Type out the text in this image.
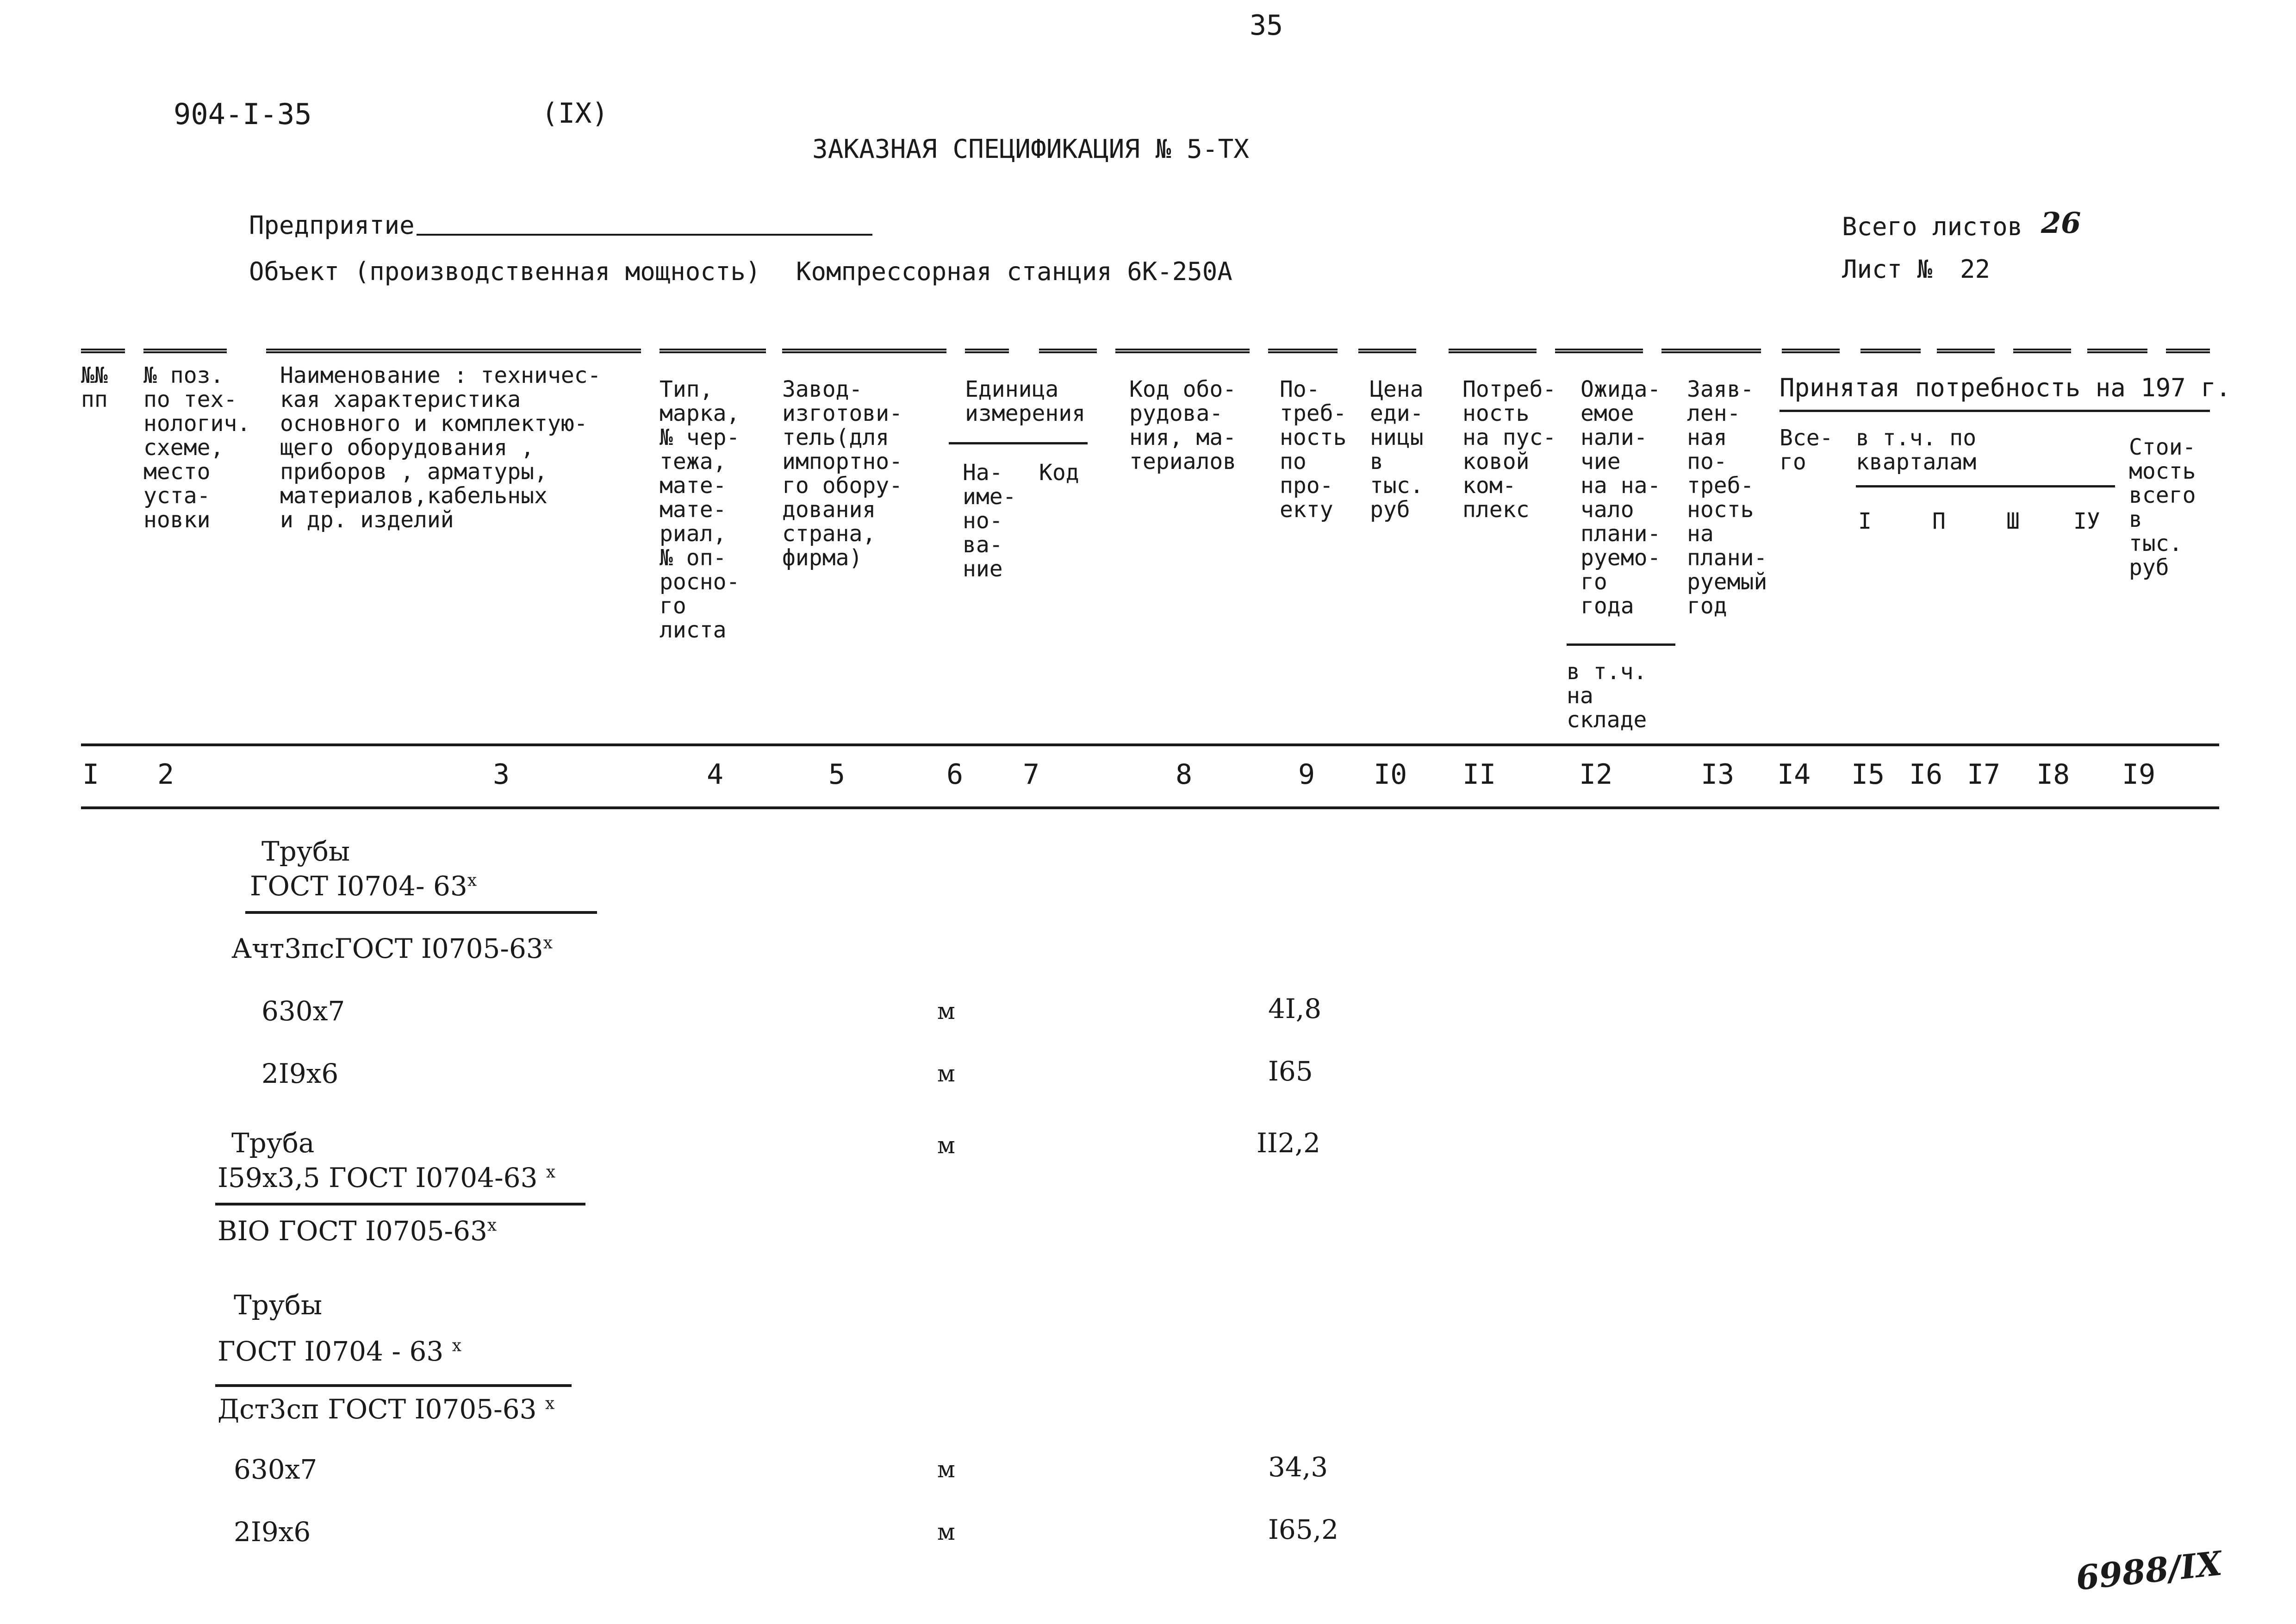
35
904-I-35	(IX)
ЗАКАЗНАЯ СПЕЦИФИКАЦИЯ № 5-ТХ
Предприятие
Объект (производственная мощность) Компрессорная станция 6К-250А
Всего листов 26
Лист № 22
№№
пп
№ поз.
по тех-
нологич.
схеме,
место
уста-
новки
Наименование : техничес-
кая характеристика
основного и комплектую-
щего оборудования ,
приборов , арматуры,
материалов,кабельных
и др. изделий
Тип,
марка,
№ чер-
тежа,
мате-
мате-
риал,
№ оп-
росно-
го
листа
Завод-
изготови-
тель(для
импортно-
го обору-
дования
страна,
фирма)
Единица
измерения
На-
име-
но-
ва-
ние
Код
Код обо-
рудова-
ния, ма-
териалов
По-
треб-
ность
по
про-
екту
Цена
еди-
ницы
в
тыс.
руб
Потреб-
ность
на пус-
ковой
ком-
плекс
Ожида-
емое
нали-
чие
на на-
чало
плани-
руемо-
го
года
в т.ч.
на
складе
Заяв-
лен-
ная
по-
треб-
ность
на
плани-
руемый
год
Принятая потребность на 197 г.
Все-
го
в т.ч. по
кварталам
I	П	Ш IУ
Стои-
мость
всего
в
тыс.
руб
I 2	3	4	5	6 7	8	9 I0 II	I2	I3 I4 I5 I6 I7 I8 I9
Трубы
ГОСТ I0704- 63$^x$
Ачт3псГОСТ I0705-63$^x$
630х7	м	4I,8
2I9х6	м	I65
Труба	м	II2,2
I59х3,5 ГОСТ I0704-63 $^x$
ВIО ГОСТ I0705-63$^x$
Трубы
ГОСТ I0704 - 63 $^x$
Дст3сп ГОСТ I0705-63 $^x$
630х7	м	34,3
2I9х6	м	I65,2
6988/IX
